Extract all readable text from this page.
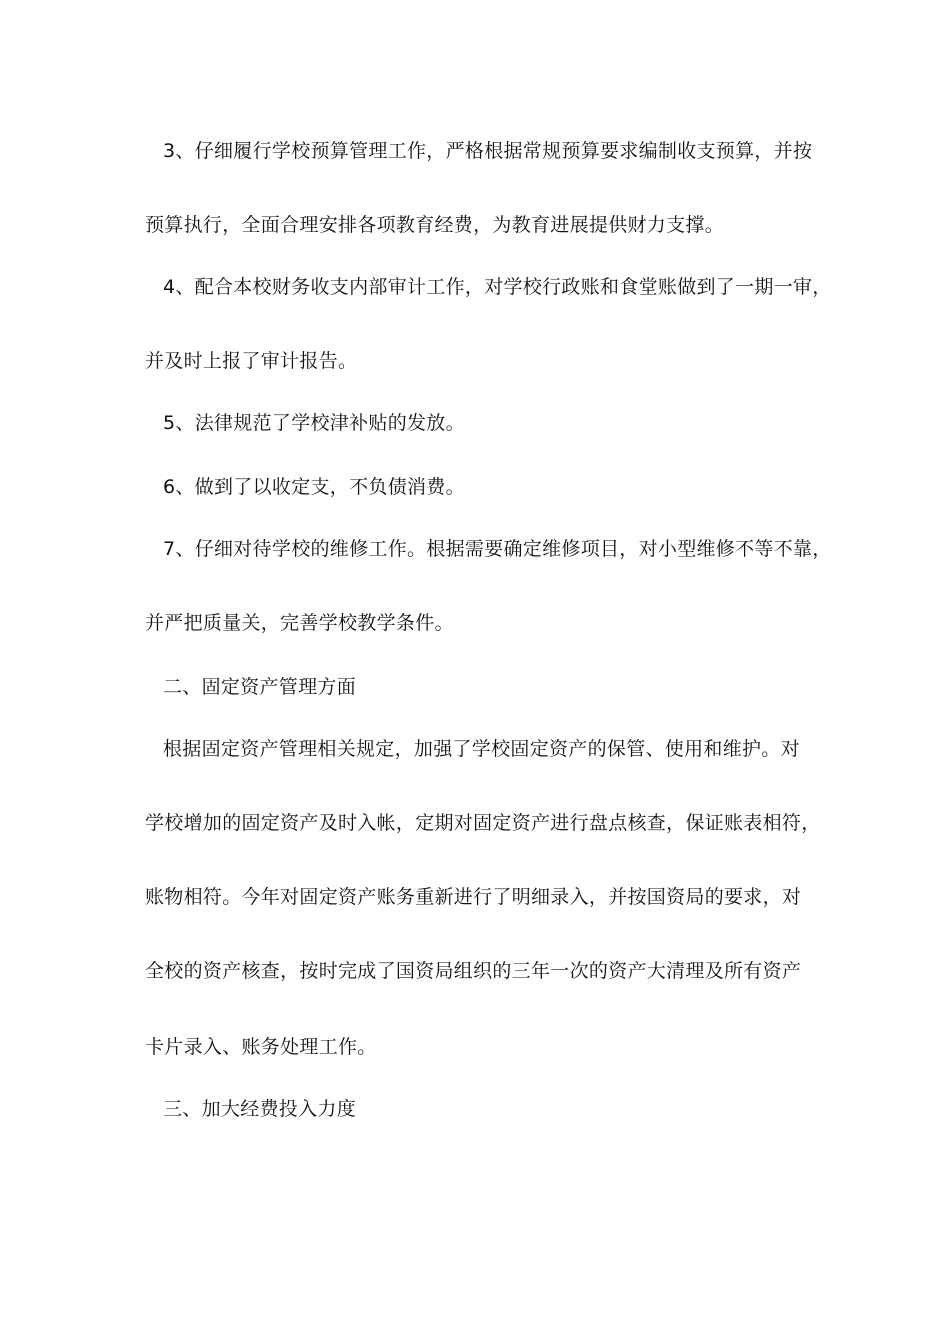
3、仔细履行学校预算管理工作，严格根据常规预算要求编制收支预算，并按
预算执行，全面合理安排各项教育经费，为教育进展提供财力支撑。
4、配合本校财务收支内部审计工作，对学校行政账和食堂账做到了一期一审，
并及时上报了审计报告。
5、法律规范了学校津补贴的发放。
6、做到了以收定支，不负债消费。
7、仔细对待学校的维修工作。根据需要确定维修项目，对小型维修不等不靠，
并严把质量关，完善学校教学条件。
二、固定资产管理方面
根据固定资产管理相关规定，加强了学校固定资产的保管、使用和维护。对
学校增加的固定资产及时入帐，定期对固定资产进行盘点核查，保证账表相符，
账物相符。今年对固定资产账务重新进行了明细录入，并按国资局的要求，对
全校的资产核查，按时完成了国资局组织的三年一次的资产大清理及所有资产
卡片录入、账务处理工作。
三、加大经费投入力度
